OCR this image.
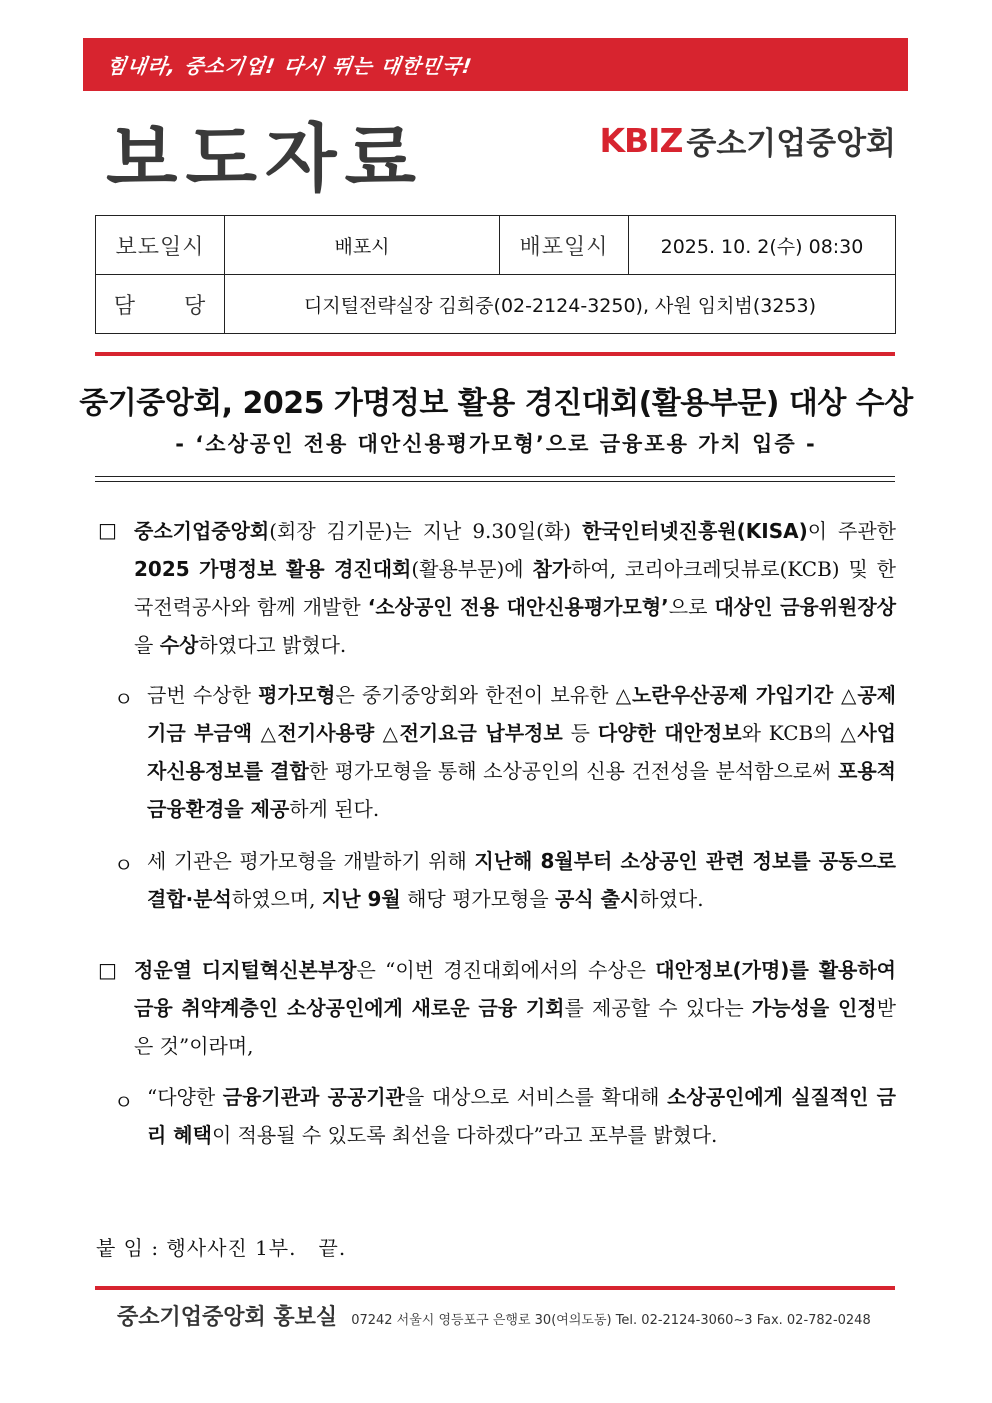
힘내라, 중소기업! 다시 뛰는 대한민국!
보도자료	KBIZ 중소기업중앙회
보도일시	배포시	배포일시	2025. 10. 2(수) 08:30
담      당	디지털전략실장 김희중(02-2124-3250), 사원 임치범(3253)		
중기중앙회, 2025 가명정보 활용 경진대회(활용부문) 대상 수상
- ‘소상공인 전용 대안신용평가모형’으로 금융포용 가치 입증 -
□ 중소기업중앙회(회장 김기문)는 지난 9.30일(화) 한국인터넷진흥원(KISA)이 주관한 2025 가명정보 활용 경진대회(활용부문)에 참가하여, 코리아크레딧뷰로(KCB) 및 한국전력공사와 함께 개발한 ‘소상공인 전용 대안신용평가모형’으로 대상인 금융위원장상을 수상하였다고 밝혔다.
ㅇ 금번 수상한 평가모형은 중기중앙회와 한전이 보유한 △노란우산공제 가입기간 △공제기금 부금액 △전기사용량 △전기요금 납부정보 등 다양한 대안정보와 KCB의 △사업자신용정보를 결합한 평가모형을 통해 소상공인의 신용 건전성을 분석함으로써 포용적 금융환경을 제공하게 된다.
ㅇ 세 기관은 평가모형을 개발하기 위해 지난해 8월부터 소상공인 관련 정보를 공동으로 결합·분석하였으며, 지난 9월 해당 평가모형을 공식 출시하였다.
□ 정운열 디지털혁신본부장은 “이번 경진대회에서의 수상은 대안정보(가명)를 활용하여 금융 취약계층인 소상공인에게 새로운 금융 기회를 제공할 수 있다는 가능성을 인정받은 것”이라며,
ㅇ “다양한 금융기관과 공공기관을 대상으로 서비스를 확대해 소상공인에게 실질적인 금리 혜택이 적용될 수 있도록 최선을 다하겠다”라고 포부를 밝혔다.
붙 임 : 행사사진 1부.   끝.
중소기업중앙회 홍보실 07242 서울시 영등포구 은행로 30(여의도동) Tel. 02-2124-3060~3 Fax. 02-782-0248
